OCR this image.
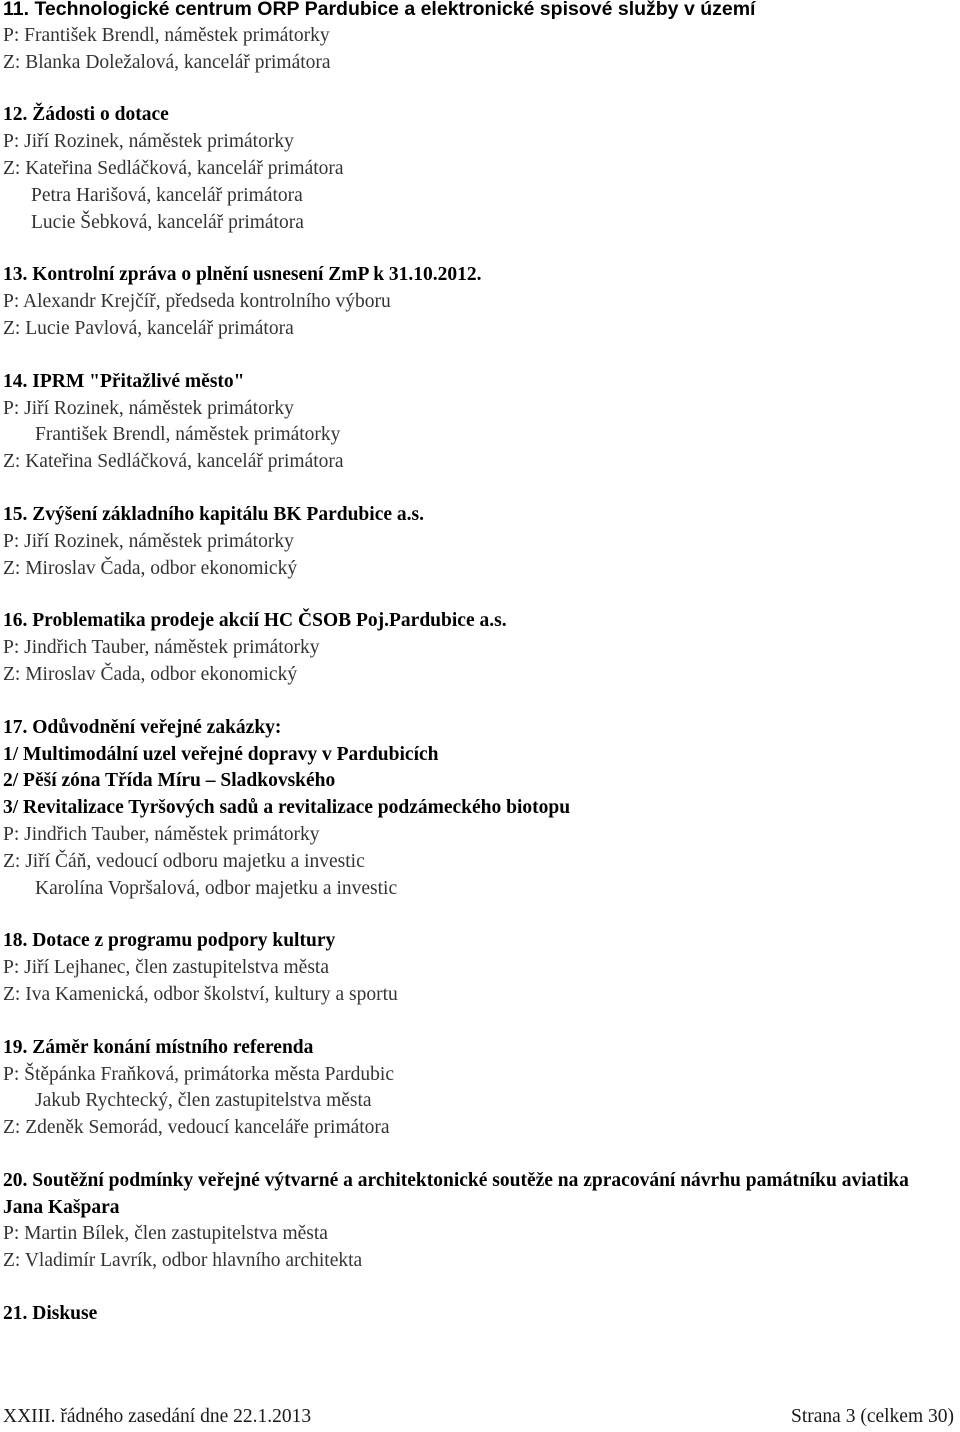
11. Technologické centrum ORP Pardubice a elektronické spisové služby v území
P: František Brendl, náměstek primátorky
Z: Blanka Doležalová, kancelář primátora
12. Žádosti o dotace
P: Jiří Rozinek, náměstek primátorky
Z: Kateřina Sedláčková, kancelář primátora
Petra Harišová, kancelář primátora
Lucie Šebková, kancelář primátora
13. Kontrolní zpráva o plnění usnesení ZmP k 31.10.2012.
P: Alexandr Krejčíř, předseda kontrolního výboru
Z: Lucie Pavlová, kancelář primátora
14. IPRM "Přitažlivé město"
P: Jiří Rozinek, náměstek primátorky
František Brendl, náměstek primátorky
Z: Kateřina Sedláčková, kancelář primátora
15. Zvýšení základního kapitálu BK Pardubice a.s.
P: Jiří Rozinek, náměstek primátorky
Z: Miroslav Čada, odbor ekonomický
16. Problematika prodeje akcií HC ČSOB Poj.Pardubice a.s.
P: Jindřich Tauber, náměstek primátorky
Z: Miroslav Čada, odbor ekonomický
17. Odůvodnění veřejné zakázky:
1/ Multimodální uzel veřejné dopravy v Pardubicích
2/ Pěší zóna Třída Míru – Sladkovského
3/ Revitalizace Tyršových sadů a revitalizace podzámeckého biotopu
P: Jindřich Tauber, náměstek primátorky
Z: Jiří Čáň, vedoucí odboru majetku a investic
Karolína Vopršalová, odbor majetku a investic
18. Dotace z programu podpory kultury
P: Jiří Lejhanec, člen zastupitelstva města
Z: Iva Kamenická, odbor školství, kultury a sportu
19. Záměr konání místního referenda
P: Štěpánka Fraňková, primátorka města Pardubic
Jakub Rychtecký, člen zastupitelstva města
Z: Zdeněk Semorád, vedoucí kanceláře primátora
20. Soutěžní podmínky veřejné výtvarné a architektonické soutěže na zpracování návrhu památníku aviatika Jana Kašpara
P: Martin Bílek, člen zastupitelstva města
Z: Vladimír Lavrík, odbor hlavního architekta
21. Diskuse
XXIII. řádného zasedání dne 22.1.2013	Strana 3 (celkem 30)
